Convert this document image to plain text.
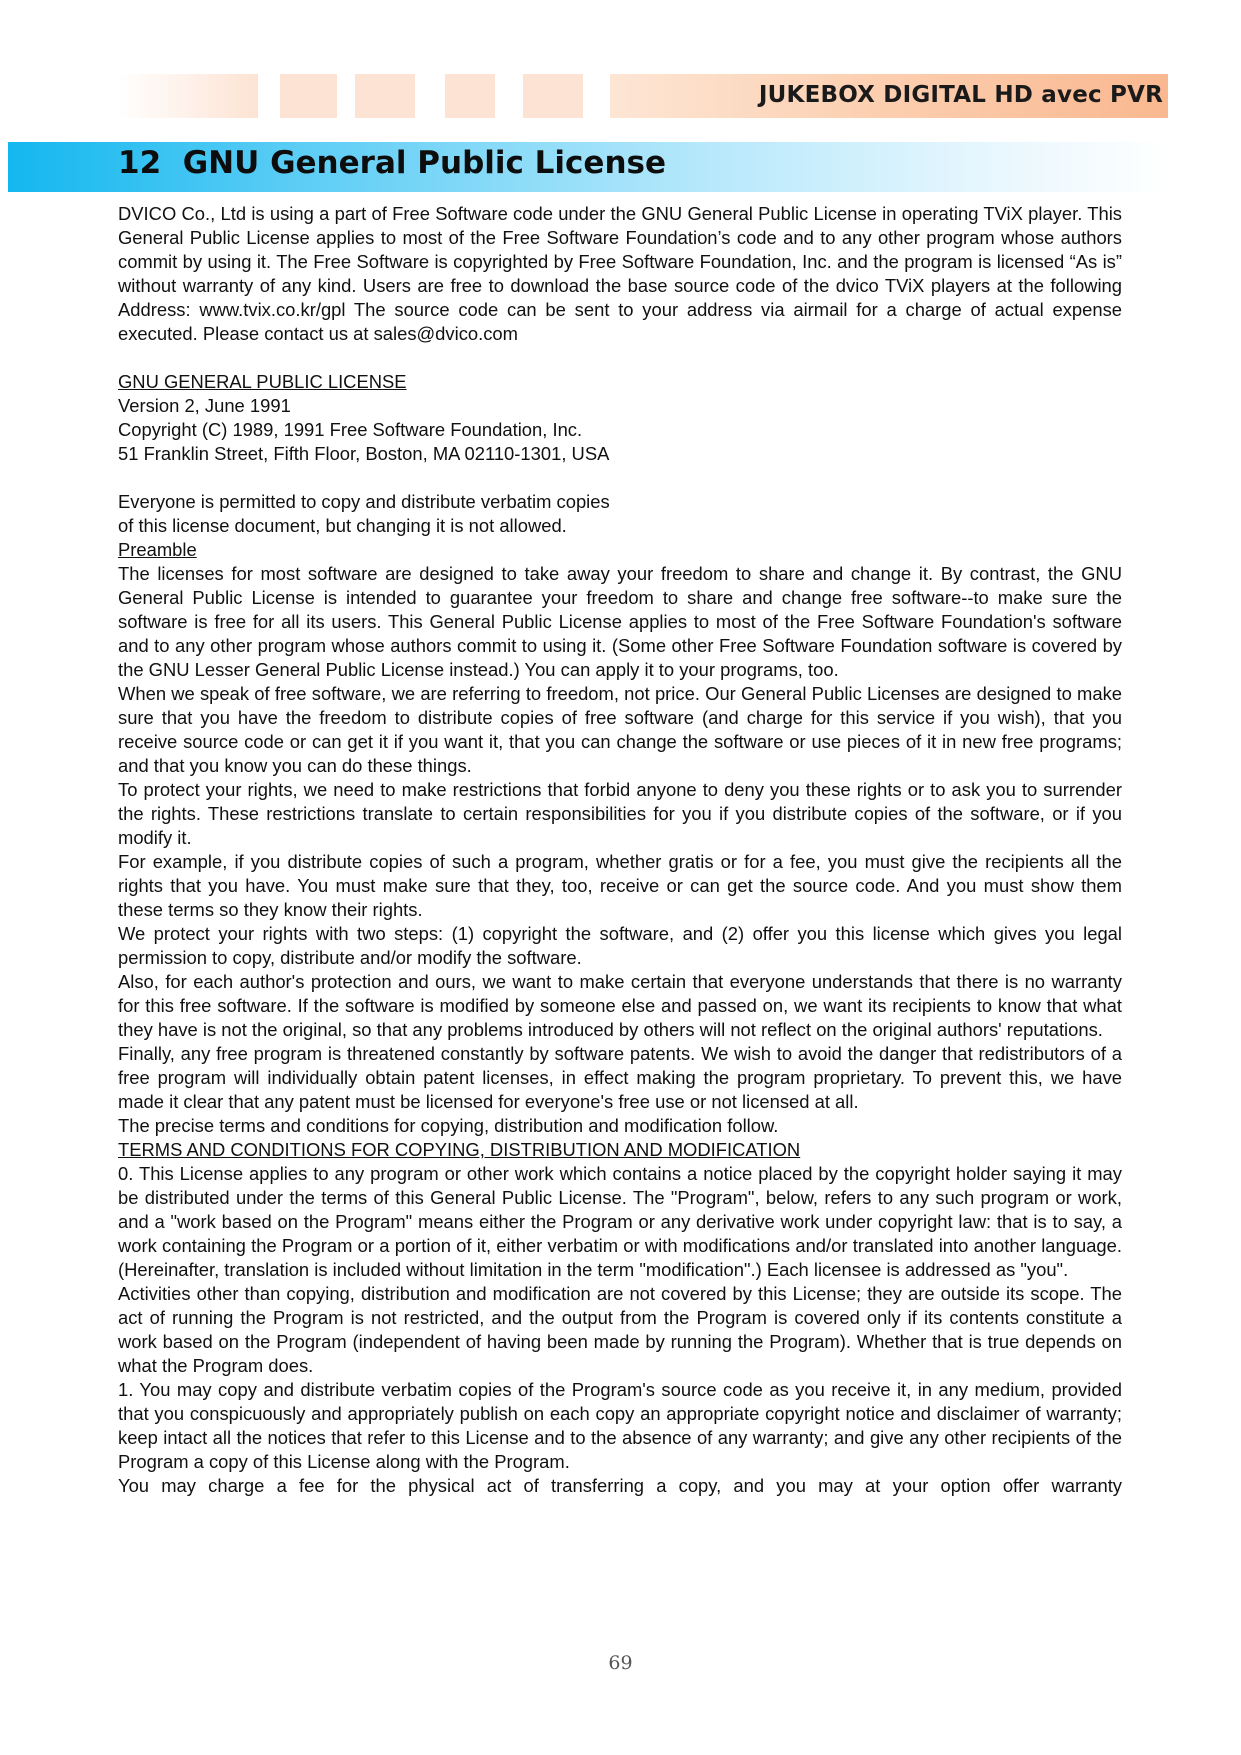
JUKEBOX DIGITAL HD avec PVR
12 GNU General Public License

DVICO Co., Ltd is using a part of Free Software code under the GNU General Public License in operating TViX player. This General Public License applies to most of the Free Software Foundation’s code and to any other program whose authors commit by using it. The Free Software is copyrighted by Free Software Foundation, Inc. and the program is licensed “As is” without warranty of any kind. Users are free to download the base source code of the dvico TViX players at the following Address: www.tvix.co.kr/gpl The source code can be sent to your address via airmail for a charge of actual expense executed. Please contact us at sales@dvico.com

GNU GENERAL PUBLIC LICENSE

Version 2, June 1991

Copyright (C) 1989, 1991 Free Software Foundation, Inc.

51 Franklin Street, Fifth Floor, Boston, MA 02110-1301, USA

Everyone is permitted to copy and distribute verbatim copies

of this license document, but changing it is not allowed.

Preamble

The licenses for most software are designed to take away your freedom to share and change it. By contrast, the GNU General Public License is intended to guarantee your freedom to share and change free software--to make sure the software is free for all its users. This General Public License applies to most of the Free Software Foundation's software and to any other program whose authors commit to using it. (Some other Free Software Foundation software is covered by the GNU Lesser General Public License instead.) You can apply it to your programs, too.

When we speak of free software, we are referring to freedom, not price. Our General Public Licenses are designed to make sure that you have the freedom to distribute copies of free software (and charge for this service if you wish), that you receive source code or can get it if you want it, that you can change the software or use pieces of it in new free programs; and that you know you can do these things.

To protect your rights, we need to make restrictions that forbid anyone to deny you these rights or to ask you to surrender the rights. These restrictions translate to certain responsibilities for you if you distribute copies of the software, or if you modify it.

For example, if you distribute copies of such a program, whether gratis or for a fee, you must give the recipients all the rights that you have. You must make sure that they, too, receive or can get the source code. And you must show them these terms so they know their rights.

We protect your rights with two steps: (1) copyright the software, and (2) offer you this license which gives you legal permission to copy, distribute and/or modify the software.

Also, for each author's protection and ours, we want to make certain that everyone understands that there is no warranty for this free software. If the software is modified by someone else and passed on, we want its recipients to know that what they have is not the original, so that any problems introduced by others will not reflect on the original authors' reputations.

Finally, any free program is threatened constantly by software patents. We wish to avoid the danger that redistributors of a free program will individually obtain patent licenses, in effect making the program proprietary. To prevent this, we have made it clear that any patent must be licensed for everyone's free use or not licensed at all.

The precise terms and conditions for copying, distribution and modification follow.

TERMS AND CONDITIONS FOR COPYING, DISTRIBUTION AND MODIFICATION

0. This License applies to any program or other work which contains a notice placed by the copyright holder saying it may be distributed under the terms of this General Public License. The "Program", below, refers to any such program or work, and a "work based on the Program" means either the Program or any derivative work under copyright law: that is to say, a work containing the Program or a portion of it, either verbatim or with modifications and/or translated into another language. (Hereinafter, translation is included without limitation in the term "modification".) Each licensee is addressed as "you".

Activities other than copying, distribution and modification are not covered by this License; they are outside its scope. The act of running the Program is not restricted, and the output from the Program is covered only if its contents constitute a work based on the Program (independent of having been made by running the Program). Whether that is true depends on what the Program does.

1. You may copy and distribute verbatim copies of the Program's source code as you receive it, in any medium, provided that you conspicuously and appropriately publish on each copy an appropriate copyright notice and disclaimer of warranty; keep intact all the notices that refer to this License and to the absence of any warranty; and give any other recipients of the Program a copy of this License along with the Program.

You may charge a fee for the physical act of transferring a copy, and you may at your option offer warranty

69
